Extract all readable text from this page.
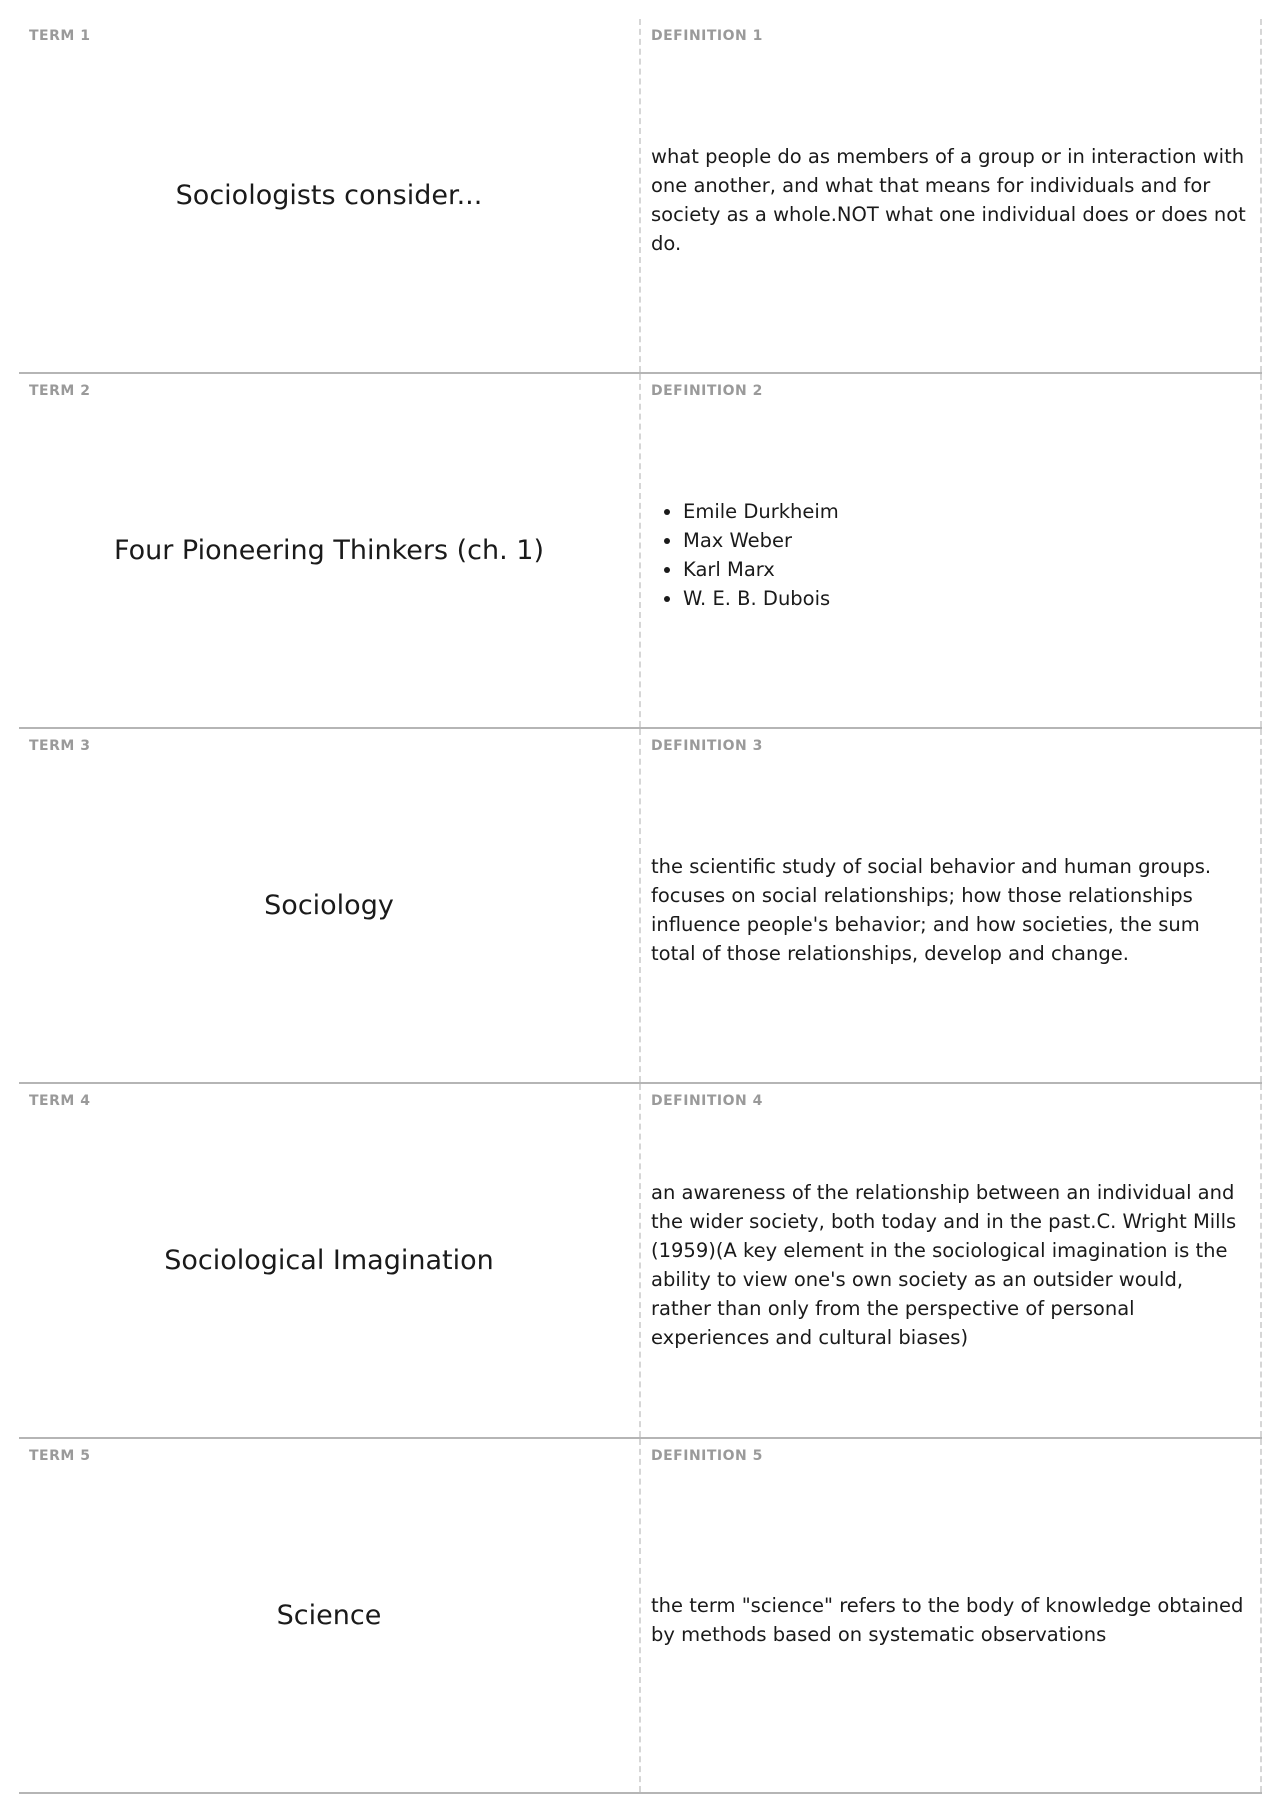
TERM 1
Sociologists consider...
DEFINITION 1

what people do as members of a group or in interaction with one another, and what that means for individuals and for society as a whole.NOT what one individual does or does not do.

TERM 2
Four Pioneering Thinkers (ch. 1)
DEFINITION 2
• Emile Durkheim
• Max Weber
• Karl Marx
• W. E. B. Dubois
TERM 3
Sociology
DEFINITION 3

the scientific study of social behavior and human groups. focuses on social relationships; how those relationships influence people's behavior; and how societies, the sum total of those relationships, develop and change.

TERM 4
Sociological Imagination
DEFINITION 4

an awareness of the relationship between an individual and the wider society, both today and in the past.C. Wright Mills (1959)(A key element in the sociological imagination is the ability to view one's own society as an outsider would, rather than only from the perspective of personal experiences and cultural biases)

TERM 5
Science
DEFINITION 5

the term "science" refers to the body of knowledge obtained by methods based on systematic observations
